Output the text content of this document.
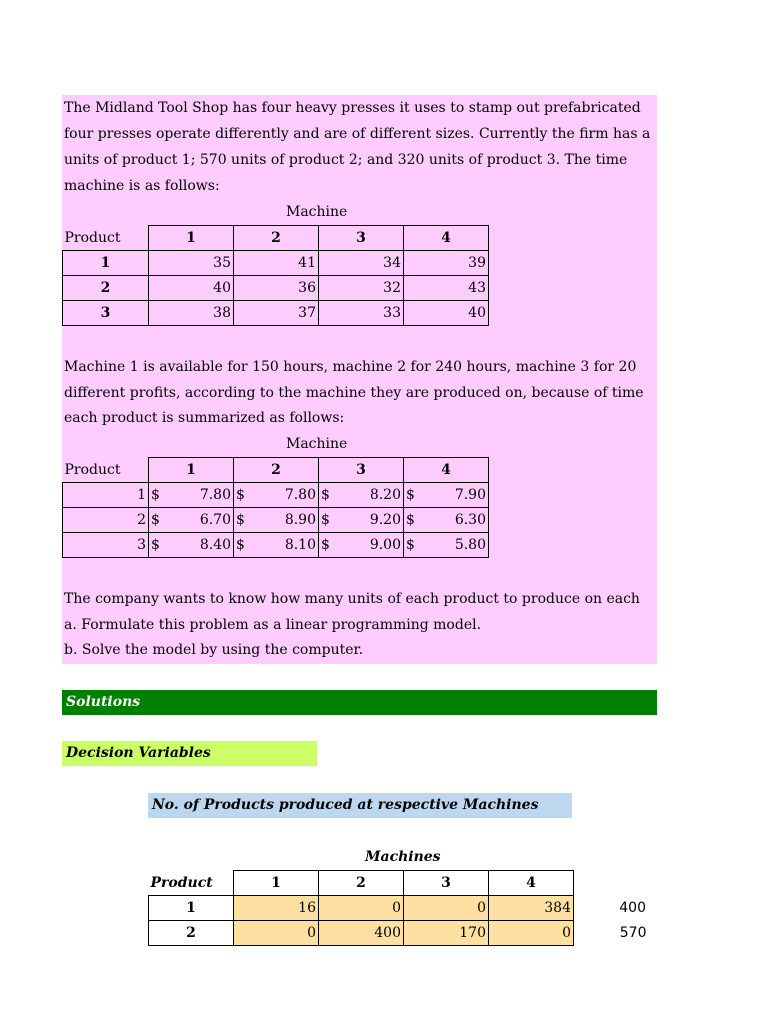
The Midland Tool Shop has four heavy presses it uses to stamp out prefabricated
four presses operate differently and are of different sizes. Currently the firm has a
units of product 1; 570 units of product 2; and 320 units of product 3. The time
machine is as follows:
Machine
Product	1	2	3	4
1	35	41	34	39
2	40	36	32	43
3	38	37	33	40
Machine 1 is available for 150 hours, machine 2 for 240 hours, machine 3 for 20
different profits, according to the machine they are produced on, because of time
each product is summarized as follows:
Machine
Product	1	2	3	4
1	$ 7.80	$ 7.80	$ 8.20	$ 7.90

2	$ 6.70	$ 8.90	$ 9.20	$ 6.30

3	$ 8.40	$ 8.10	$ 9.00	$ 5.80
The company wants to know how many units of each product to produce on each
a. Formulate this problem as a linear programming model.
b. Solve the model by using the computer.
Solutions
Decision Variables
No. of Products produced at respective Machines
Machines
Product	1	2	3	4	
1	16	0	0	384	400
2	0	400	170	0	570
